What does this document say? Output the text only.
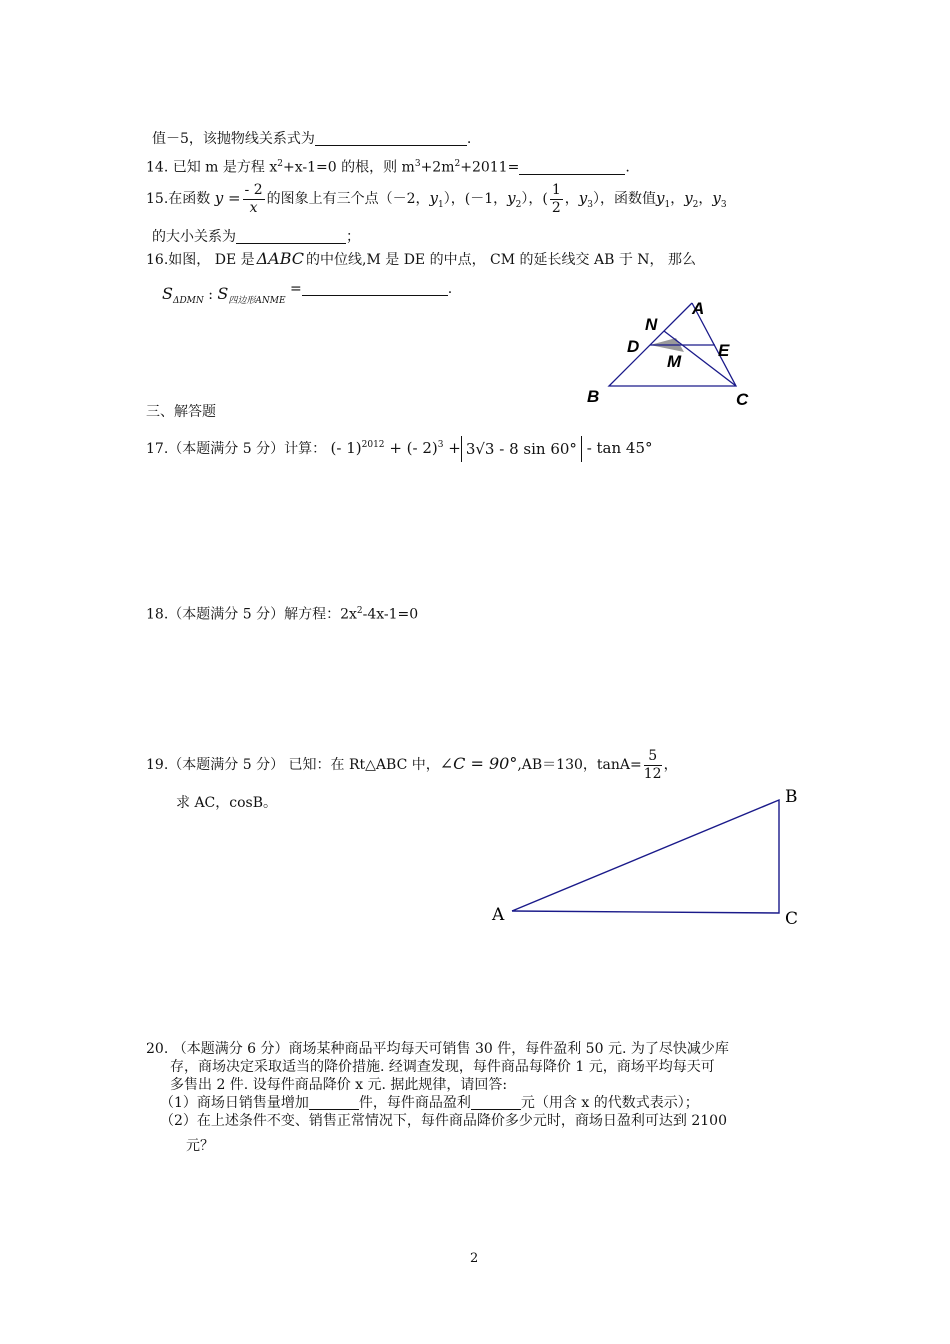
值－5，该抛物线关系式为	.
14. 已知 m 是方程 $x^2+x-1=0$ 的根，则 $m^3+2m^2+2011=$	.
15.在函数 $y = \frac{- 2}{x}$ 的图象上有三个点（－2，$y_1$），(－1，$y_2$），( $\frac{1}{2}$ ，$y_3$），函数值$y_1$，$y_2$，$y_3$
的大小关系为	；
16.如图， DE 是 ΔABC 的中位线,M 是 DE 的中点， CM 的延长线交 AB 于 N， 那么
$S_{\Delta DMN}$ : $S_{四边形ANME}$ =	.
A
N
D
M
E
B	C
三、解答题
17.（本题满分 5 分）计算： (- 1)$^{2012}$ + (- 2)$^3$ + 3√3 - 8 sin 60° - tan 45°
18.（本题满分 5 分）解方程：$2x^2-4x-1=0$
19.（本题满分 5 分） 已知：在 Rt△ABC 中，∠C = 90°,AB＝130，$\tan A= \frac{5}{12}$ ，
求 AC，cosB。
A
B
C
20. （本题满分 6 分）商场某种商品平均每天可销售 30 件，每件盈利 50 元. 为了尽快减少库
存，商场决定采取适当的降价措施. 经调查发现，每件商品每降价 1 元，商场平均每天可
多售出 2 件. 设每件商品降价 x 元. 据此规律，请回答:
（1）商场日销售量增加	件，每件商品盈利	元（用含 x 的代数式表示）；
（2）在上述条件不变、销售正常情况下，每件商品降价多少元时，商场日盈利可达到 2100
元？
2
